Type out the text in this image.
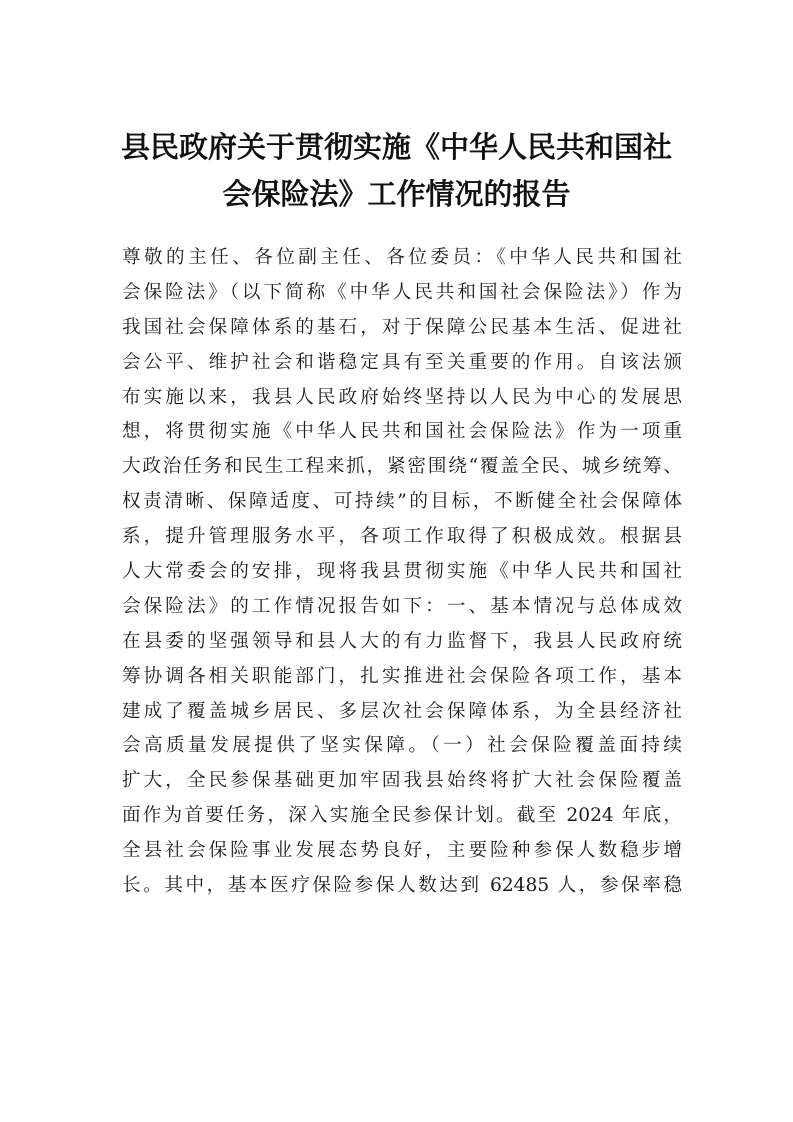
县民政府关于贯彻实施《中华人民共和国社
会保险法》工作情况的报告
尊敬的主任、各位副主任、各位委员：《中华人民共和国社
会保险法》（以下简称《中华人民共和国社会保险法》）作为
我国社会保障体系的基石，对于保障公民基本生活、促进社
会公平、维护社会和谐稳定具有至关重要的作用。自该法颁
布实施以来，我县人民政府始终坚持以人民为中心的发展思
想，将贯彻实施《中华人民共和国社会保险法》作为一项重
大政治任务和民生工程来抓，紧密围绕“覆盖全民、城乡统筹、
权责清晰、保障适度、可持续”的目标，不断健全社会保障体
系，提升管理服务水平，各项工作取得了积极成效。根据县
人大常委会的安排，现将我县贯彻实施《中华人民共和国社
会保险法》的工作情况报告如下：一、基本情况与总体成效
在县委的坚强领导和县人大的有力监督下，我县人民政府统
筹协调各相关职能部门，扎实推进社会保险各项工作，基本
建成了覆盖城乡居民、多层次社会保障体系，为全县经济社
会高质量发展提供了坚实保障。（一）社会保险覆盖面持续
扩大，全民参保基础更加牢固我县始终将扩大社会保险覆盖
面作为首要任务，深入实施全民参保计划。截至 2024 年底，
全县社会保险事业发展态势良好，主要险种参保人数稳步增
长。其中，基本医疗保险参保人数达到 62485 人，参保率稳
